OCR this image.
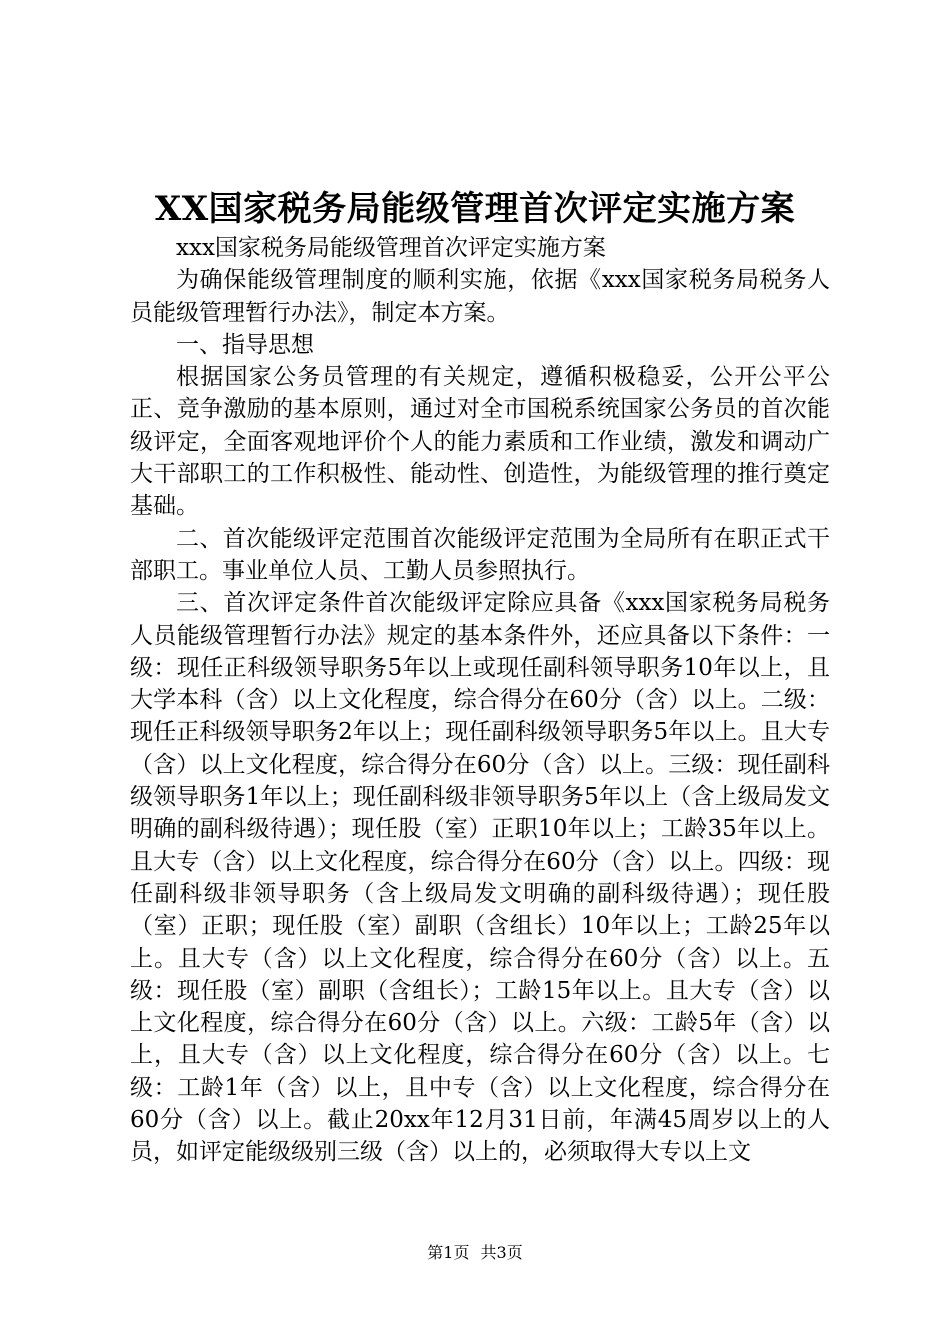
XX国家税务局能级管理首次评定实施方案

xxx国家税务局能级管理首次评定实施方案

为确保能级管理制度的顺利实施，依据《xxx国家税务局税务人员能级管理暂行办法》，制定本方案。

一、指导思想

根据国家公务员管理的有关规定，遵循积极稳妥，公开公平公正、竞争激励的基本原则，通过对全市国税系统国家公务员的首次能级评定，全面客观地评价个人的能力素质和工作业绩，激发和调动广大干部职工的工作积极性、能动性、创造性，为能级管理的推行奠定基础。

二、首次能级评定范围首次能级评定范围为全局所有在职正式干部职工。事业单位人员、工勤人员参照执行。

三、首次评定条件首次能级评定除应具备《xxx国家税务局税务人员能级管理暂行办法》规定的基本条件外，还应具备以下条件：一级：现任正科级领导职务5年以上或现任副科领导职务10年以上，且大学本科（含）以上文化程度，综合得分在60分（含）以上。二级：现任正科级领导职务2年以上；现任副科级领导职务5年以上。且大专（含）以上文化程度，综合得分在60分（含）以上。三级：现任副科级领导职务1年以上；现任副科级非领导职务5年以上（含上级局发文明确的副科级待遇）；现任股（室）正职10年以上；工龄35年以上。且大专（含）以上文化程度，综合得分在60分（含）以上。四级：现任副科级非领导职务（含上级局发文明确的副科级待遇）；现任股（室）正职；现任股（室）副职（含组长）10年以上；工龄25年以上。且大专（含）以上文化程度，综合得分在60分（含）以上。五级：现任股（室）副职（含组长）；工龄15年以上。且大专（含）以上文化程度，综合得分在60分（含）以上。六级：工龄5年（含）以上，且大专（含）以上文化程度，综合得分在60分（含）以上。七级：工龄1年（含）以上，且中专（含）以上文化程度，综合得分在60分（含）以上。截止20xx年12月31日前，年满45周岁以上的人员，如评定能级级别三级（含）以上的，必须取得大专以上文

第1页 共3页
